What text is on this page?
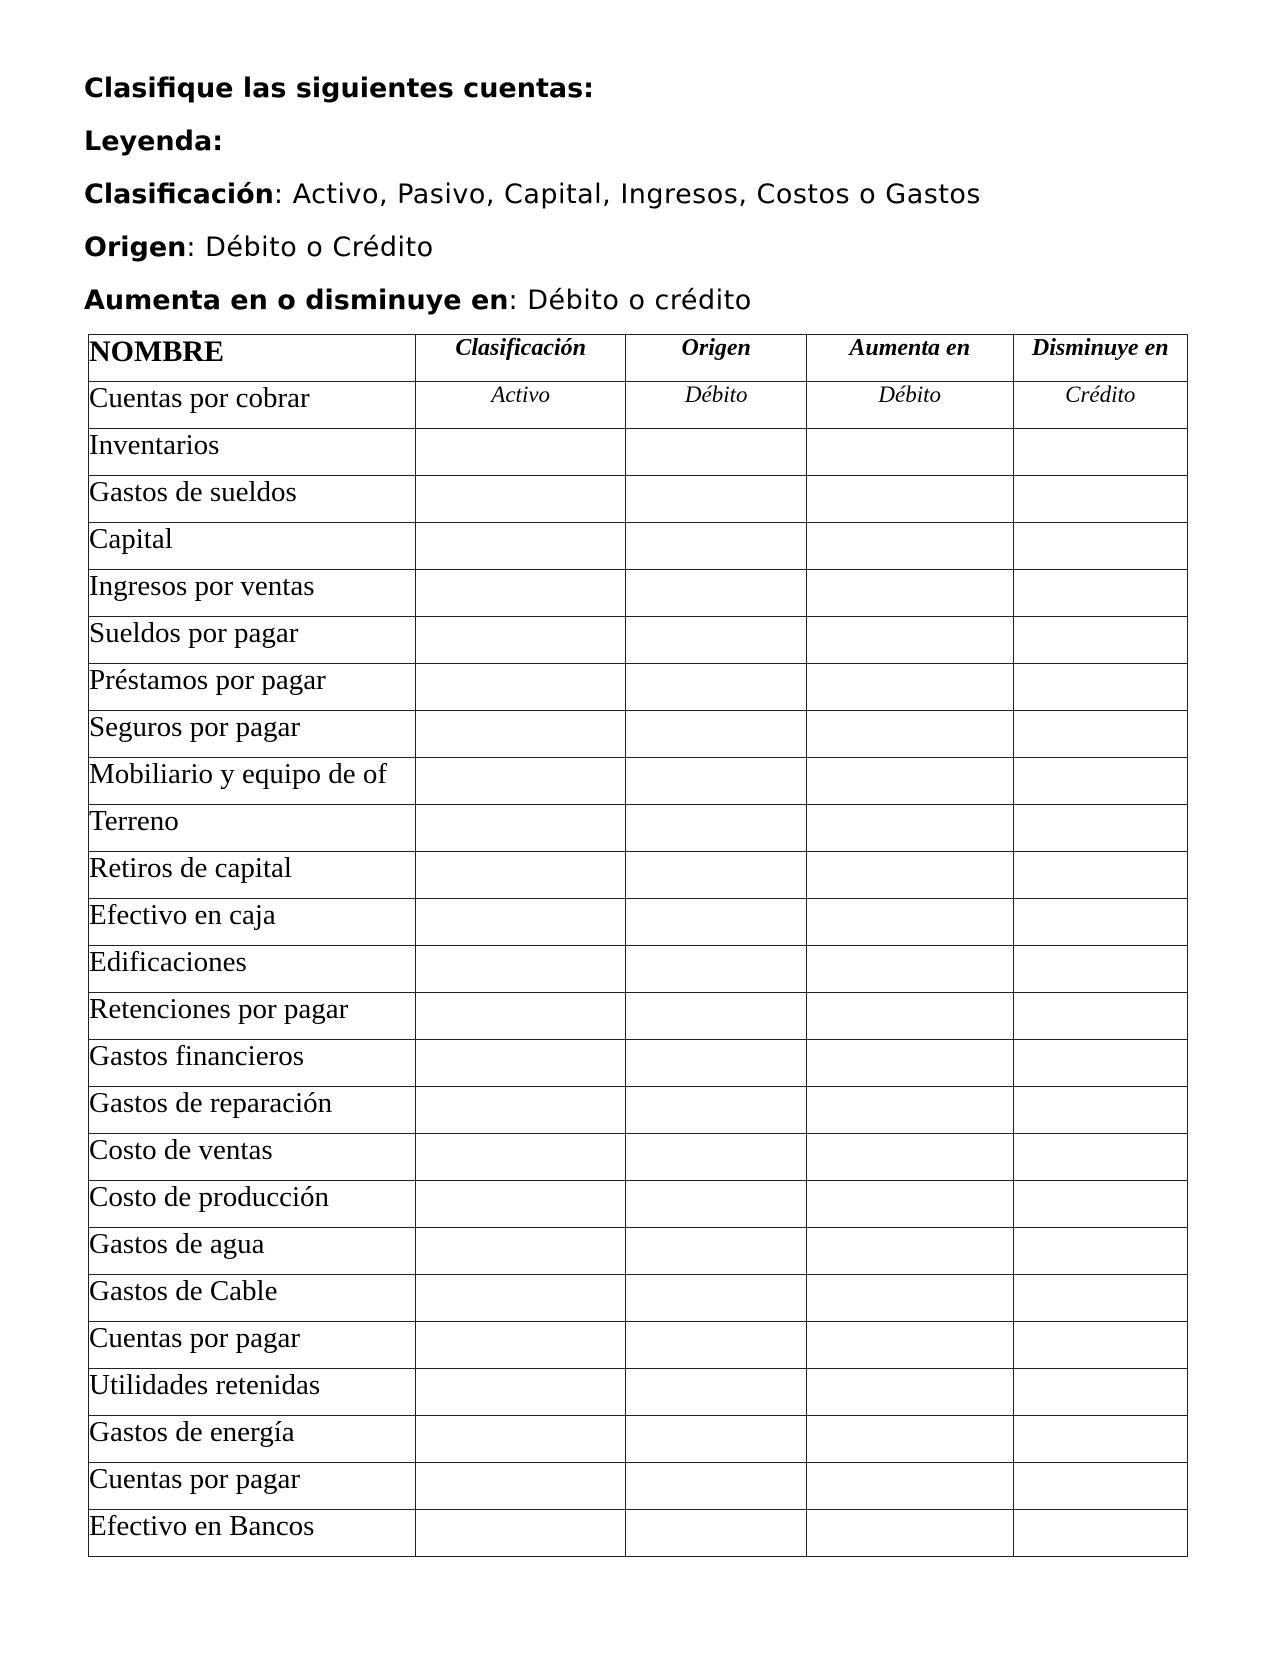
Clasifique las siguientes cuentas:
Leyenda:
Clasificación: Activo, Pasivo, Capital, Ingresos, Costos o Gastos
Origen: Débito o Crédito
Aumenta en o disminuye en: Débito o crédito
NOMBRE	Clasificación	Origen	Aumenta en	Disminuye en
Cuentas por cobrar	Activo	Débito	Débito	Crédito
Inventarios				
Gastos de sueldos				
Capital				
Ingresos por ventas				
Sueldos por pagar				
Préstamos por pagar				
Seguros por pagar				
Mobiliario y equipo de of				
Terreno				
Retiros de capital				
Efectivo en caja				
Edificaciones				
Retenciones por pagar				
Gastos financieros				
Gastos de reparación				
Costo de ventas				
Costo de producción				
Gastos de agua				
Gastos de Cable				
Cuentas por pagar				
Utilidades retenidas				
Gastos de energía				
Cuentas por pagar				
Efectivo en Bancos				
